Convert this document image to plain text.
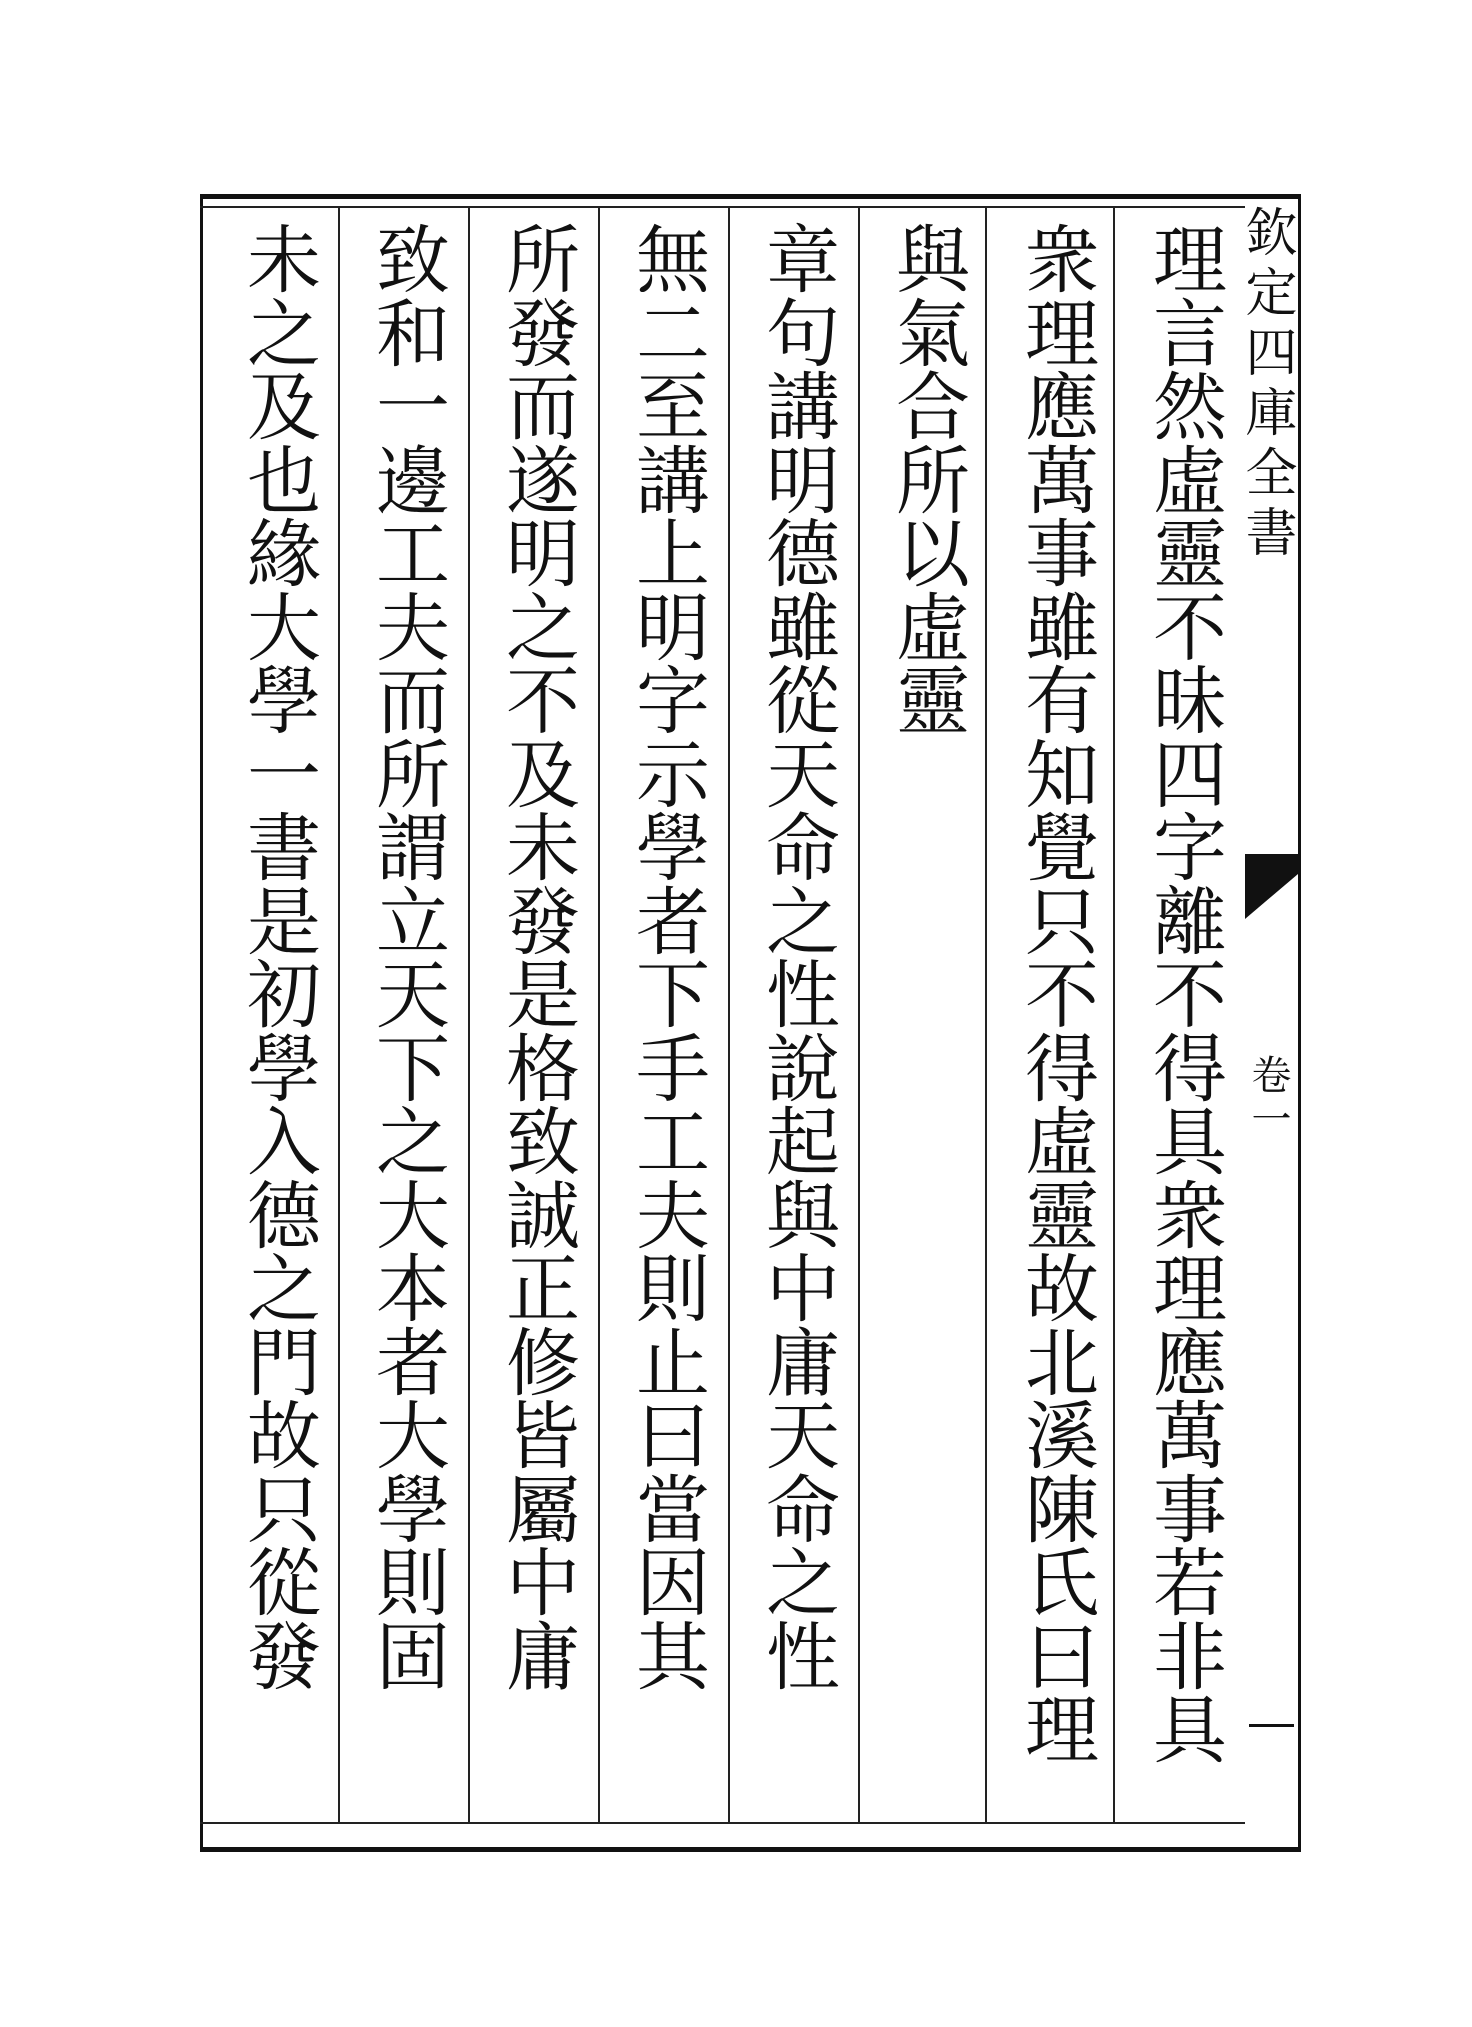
理
言
然
虛
靈
不
昧
四
字
離
不
得
具
衆
理
應
萬
事
若
非
具
衆
理
應
萬
事
雖
有
知
覺
只
不
得
虛
靈
故
北
溪
陳
氏
曰
理
與
氣
合
所
以
虛
靈
章
句
講
明
德
雖
從
天
命
之
性
說
起
與
中
庸
天
命
之
性
無
二
至
講
上
明
字
示
學
者
下
手
工
夫
則
止
曰
當
因
其
所
發
而
遂
明
之
不
及
未
發
是
格
致
誠
正
修
皆
屬
中
庸
致
和
一
邊
工
夫
而
所
謂
立
天
下
之
大
本
者
大
學
則
固
未
之
及
也
緣
大
學
一
書
是
初
學
入
德
之
門
故
只
從
發
欽
定
四
庫
全
書
卷
一
